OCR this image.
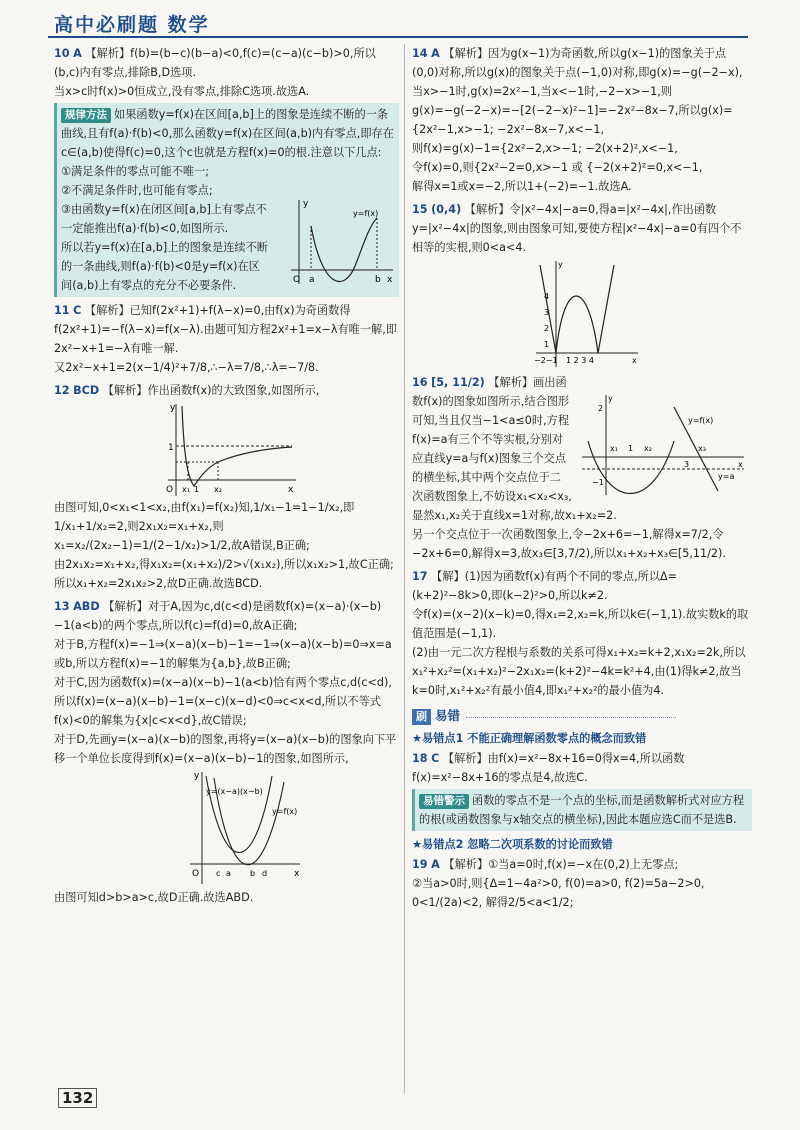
高中必刷题 数学

10 A 【解析】f(b)=(b−c)(b−a)<0,f(c)=(c−a)(c−b)>0,所以(b,c)内有零点,排除B,D选项.

当x>c时f(x)>0恒成立,没有零点,排除C选项.故选A.

规律方法 如果函数y=f(x)在区间[a,b]上的图象是连续不断的一条曲线,且有f(a)·f(b)<0,那么函数y=f(x)在区间(a,b)内有零点,即存在c∈(a,b)使得f(c)=0,这个c也就是方程f(x)=0的根.注意以下几点:

①满足条件的零点可能不唯一;

②不满足条件时,也可能有零点;

③由函数y=f(x)在闭区间[a,b]上有零点不一定能推出f(a)·f(b)<0,如图所示.

所以若y=f(x)在[a,b]上的图象是连续不断的一条曲线,则f(a)·f(b)<0是y=f(x)在区间(a,b)上有零点的充分不必要条件.	O a	b
y
x
y=f(x)

11 C 【解析】已知f(2x²+1)+f(λ−x)=0,由f(x)为奇函数得f(2x²+1)=−f(λ−x)=f(x−λ).由题可知方程2x²+1=x−λ有唯一解,即2x²−x+1=−λ有唯一解.

又2x²−x+1=2(x−1/4)²+7/8,∴−λ=7/8,∴λ=−7/8.

12 BCD 【解析】作出函数f(x)的大致图象,如图所示,

O
1
y
x₁ 1 x₂	x

由图可知,0<x₁<1<x₂,由f(x₁)=f(x₂)知,1/x₁−1=1−1/x₂,即1/x₁+1/x₂=2,则2x₁x₂=x₁+x₂,则x₁=x₂/(2x₂−1)=1/(2−1/x₂)>1/2,故A错误,B正确;

由2x₁x₂=x₁+x₂,得x₁x₂=(x₁+x₂)/2>√(x₁x₂),所以x₁x₂>1,故C正确;所以x₁+x₂=2x₁x₂>2,故D正确.故选BCD.

13 ABD 【解析】对于A,因为c,d(c<d)是函数f(x)=(x−a)·(x−b)−1(a<b)的两个零点,所以f(c)=f(d)=0,故A正确;

对于B,方程f(x)=−1⇒(x−a)(x−b)−1=−1⇒(x−a)(x−b)=0⇒x=a或b,所以方程f(x)=−1的解集为{a,b},故B正确;

对于C,因为函数f(x)=(x−a)(x−b)−1(a<b)恰有两个零点c,d(c<d),所以f(x)=(x−a)(x−b)−1=(x−c)(x−d)<0⇒c<x<d,所以不等式f(x)<0的解集为{x|c<x<d},故C错误;

对于D,先画y=(x−a)(x−b)的图象,再将y=(x−a)(x−b)的图象向下平移一个单位长度得到f(x)=(x−a)(x−b)−1的图象,如图所示,

O c a b d	x
y
y=(x−a)(x−b)
y=f(x)

由图可知d>b>a>c,故D正确.故选ABD.

14 A 【解析】因为g(x−1)为奇函数,所以g(x−1)的图象关于点(0,0)对称,所以g(x)的图象关于点(−1,0)对称,即g(x)=−g(−2−x),当x>−1时,g(x)=2x²−1,当x<−1时,−2−x>−1,则g(x)=−g(−2−x)=−[2(−2−x)²−1]=−2x²−8x−7,所以g(x)={2x²−1,x>−1; −2x²−8x−7,x<−1,

则f(x)=g(x)−1={2x²−2,x>−1; −2(x+2)²,x<−1,

令f(x)=0,则{2x²−2=0,x>−1 或 {−2(x+2)²=0,x<−1,

解得x=1或x=−2,所以1+(−2)=−1.故选A.

15 (0,4) 【解析】令|x²−4x|−a=0,得a=|x²−4x|,作出函数y=|x²−4x|的图象,则由图象可知,要使方程|x²−4x|−a=0有四个不相等的实根,则0<a<4.

4
3
2
1
−2−1 1 2 3 4	x
y

16 [5, 11/2) 【解析】画出函数f(x)的图象如图所示,结合图形可知,当且仅当−1<a≤0时,方程f(x)=a有三个不等实根,分别对应直线y=a与f(x)图象三个交点的横坐标,其中两个交点位于二次函数图象上,不妨设x₁<x₂<x₃,

2
−1
x₁ 1 x₂	x₃
3	x
y
y=f(x)
y=a

显然x₁,x₂关于直线x=1对称,故x₁+x₂=2.

另一个交点位于一次函数图象上,令−2x+6=−1,解得x=7/2,令−2x+6=0,解得x=3,故x₃∈[3,7/2),所以x₁+x₂+x₃∈[5,11/2).

17 【解】(1)因为函数f(x)有两个不同的零点,所以Δ=(k+2)²−8k>0,即(k−2)²>0,所以k≠2.

令f(x)=(x−2)(x−k)=0,得x₁=2,x₂=k,所以k∈(−1,1).故实数k的取值范围是(−1,1).

(2)由一元二次方程根与系数的关系可得x₁+x₂=k+2,x₁x₂=2k,所以x₁²+x₂²=(x₁+x₂)²−2x₁x₂=(k+2)²−4k=k²+4,由(1)得k≠2,故当k=0时,x₁²+x₂²有最小值4,即x₁²+x₂²的最小值为4.

刷 易错

★易错点1 不能正确理解函数零点的概念而致错

18 C 【解析】由f(x)=x²−8x+16=0得x=4,所以函数f(x)=x²−8x+16的零点是4,故选C.

易错警示 函数的零点不是一个点的坐标,而是函数解析式对应方程的根(或函数图象与x轴交点的横坐标),因此本题应选C而不是选B.

★易错点2 忽略二次项系数的讨论而致错

19 A 【解析】①当a=0时,f(x)=−x在(0,2)上无零点;

②当a>0时,则{Δ=1−4a²>0, f(0)=a>0, f(2)=5a−2>0, 0<1/(2a)<2, 解得2/5<a<1/2;

132
